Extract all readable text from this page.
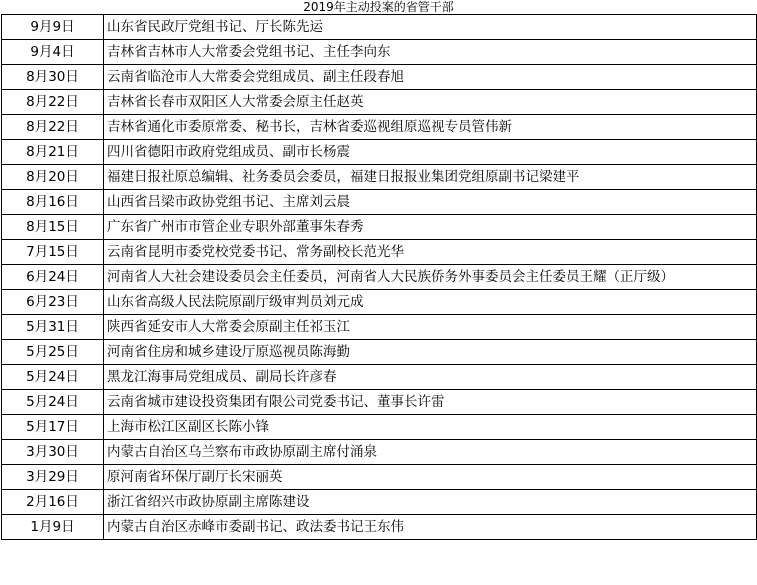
2019年主动投案的省管干部
9月9日	山东省民政厅党组书记、厅长陈先运
9月4日	吉林省吉林市人大常委会党组书记、主任李向东
8月30日	云南省临沧市人大常委会党组成员、副主任段春旭
8月22日	吉林省长春市双阳区人大常委会原主任赵英
8月22日	吉林省通化市委原常委、秘书长，吉林省委巡视组原巡视专员管伟新
8月21日	四川省德阳市政府党组成员、副市长杨震
8月20日	福建日报社原总编辑、社务委员会委员，福建日报报业集团党组原副书记梁建平
8月16日	山西省吕梁市政协党组书记、主席刘云晨
8月15日	广东省广州市市管企业专职外部董事朱春秀
7月15日	云南省昆明市委党校党委书记、常务副校长范光华
6月24日	河南省人大社会建设委员会主任委员，河南省人大民族侨务外事委员会主任委员王耀（正厅级）
6月23日	山东省高级人民法院原副厅级审判员刘元成
5月31日	陕西省延安市人大常委会原副主任祁玉江
5月25日	河南省住房和城乡建设厅原巡视员陈海勤
5月24日	黑龙江海事局党组成员、副局长许彦春
5月24日	云南省城市建设投资集团有限公司党委书记、董事长许雷
5月17日	上海市松江区副区长陈小锋
3月30日	内蒙古自治区乌兰察布市政协原副主席付涌泉
3月29日	原河南省环保厅副厅长宋丽英
2月16日	浙江省绍兴市政协原副主席陈建设
1月9日	内蒙古自治区赤峰市委副书记、政法委书记王东伟
